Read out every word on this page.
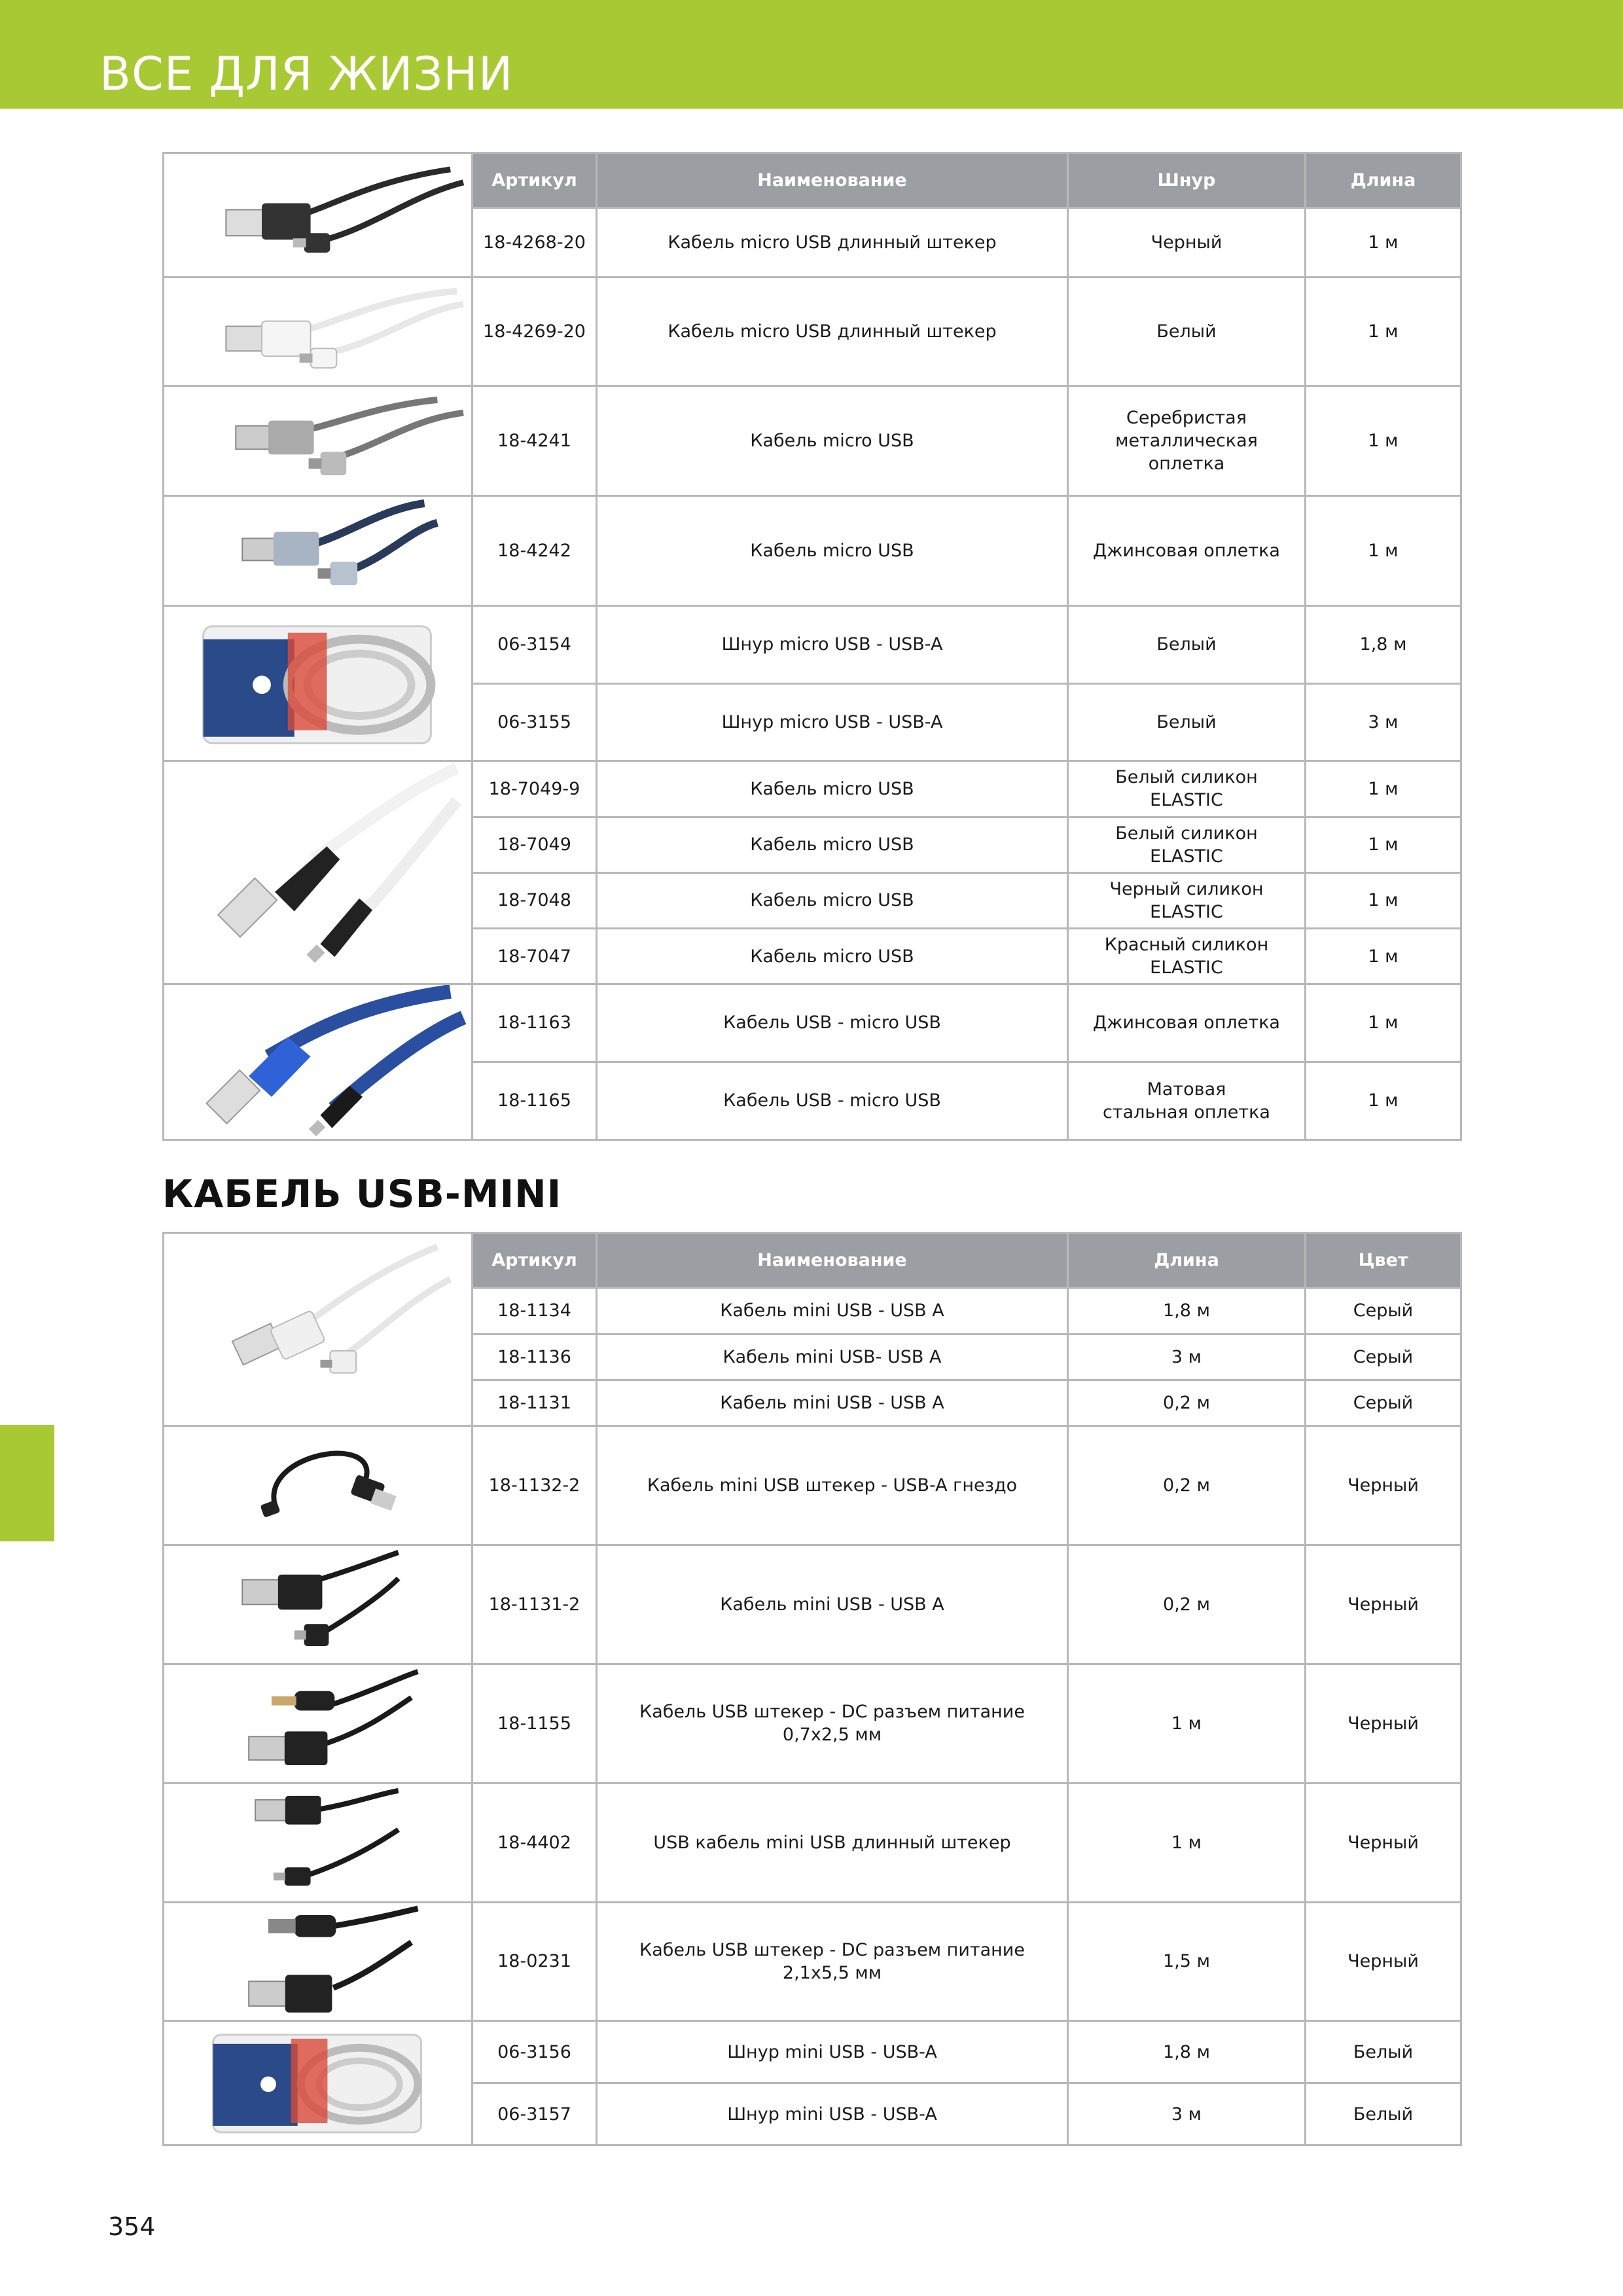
ВСЕ ДЛЯ ЖИЗНИ
	Артикул	Наименование	Шнур	Длина
	18-4268-20	Кабель micro USB длинный штекер	Черный	1 м

	18-4269-20	Кабель micro USB длинный штекер	Белый	1 м

	18-4241	Кабель micro USB	Серебристая
металлическая оплетка	1 м

	18-4242	Кабель micro USB	Джинсовая оплетка	1 м

	06-3154	Шнур micro USB - USB-A	Белый	1,8 м
	06-3155	Шнур micro USB - USB-A	Белый	3 м

	18-7049-9	Кабель micro USB	Белый силикон
ELASTIC	1 м
	18-7049	Кабель micro USB	Белый силикон
ELASTIC	1 м
	18-7048	Кабель micro USB	Черный силикон
ELASTIC	1 м
	18-7047	Кабель micro USB	Красный силикон
ELASTIC	1 м

	18-1163	Кабель USB - micro USB	Джинсовая оплетка	1 м
	18-1165	Кабель USB - micro USB	Матовая
стальная оплетка	1 м
КАБЕЛЬ USB-MINI
	Артикул	Наименование	Длина	Цвет
	18-1134	Кабель mini USB - USB A	1,8 м	Серый
	18-1136	Кабель mini USB- USB A	3 м	Серый
	18-1131	Кабель mini USB - USB A	0,2 м	Серый

	18-1132-2	Кабель mini USB штекер - USB-A гнездо	0,2 м	Черный

	18-1131-2	Кабель mini USB - USB A	0,2 м	Черный

	18-1155	Кабель USB штекер - DC разъем питание
0,7x2,5 мм	1 м	Черный

	18-4402	USB кабель mini USB длинный штекер	1 м	Черный

	18-0231	Кабель USB штекер - DC разъем питание
2,1x5,5 мм	1,5 м	Черный

	06-3156	Шнур mini USB - USB-A	1,8 м	Белый
	06-3157	Шнур mini USB - USB-A	3 м	Белый
354
